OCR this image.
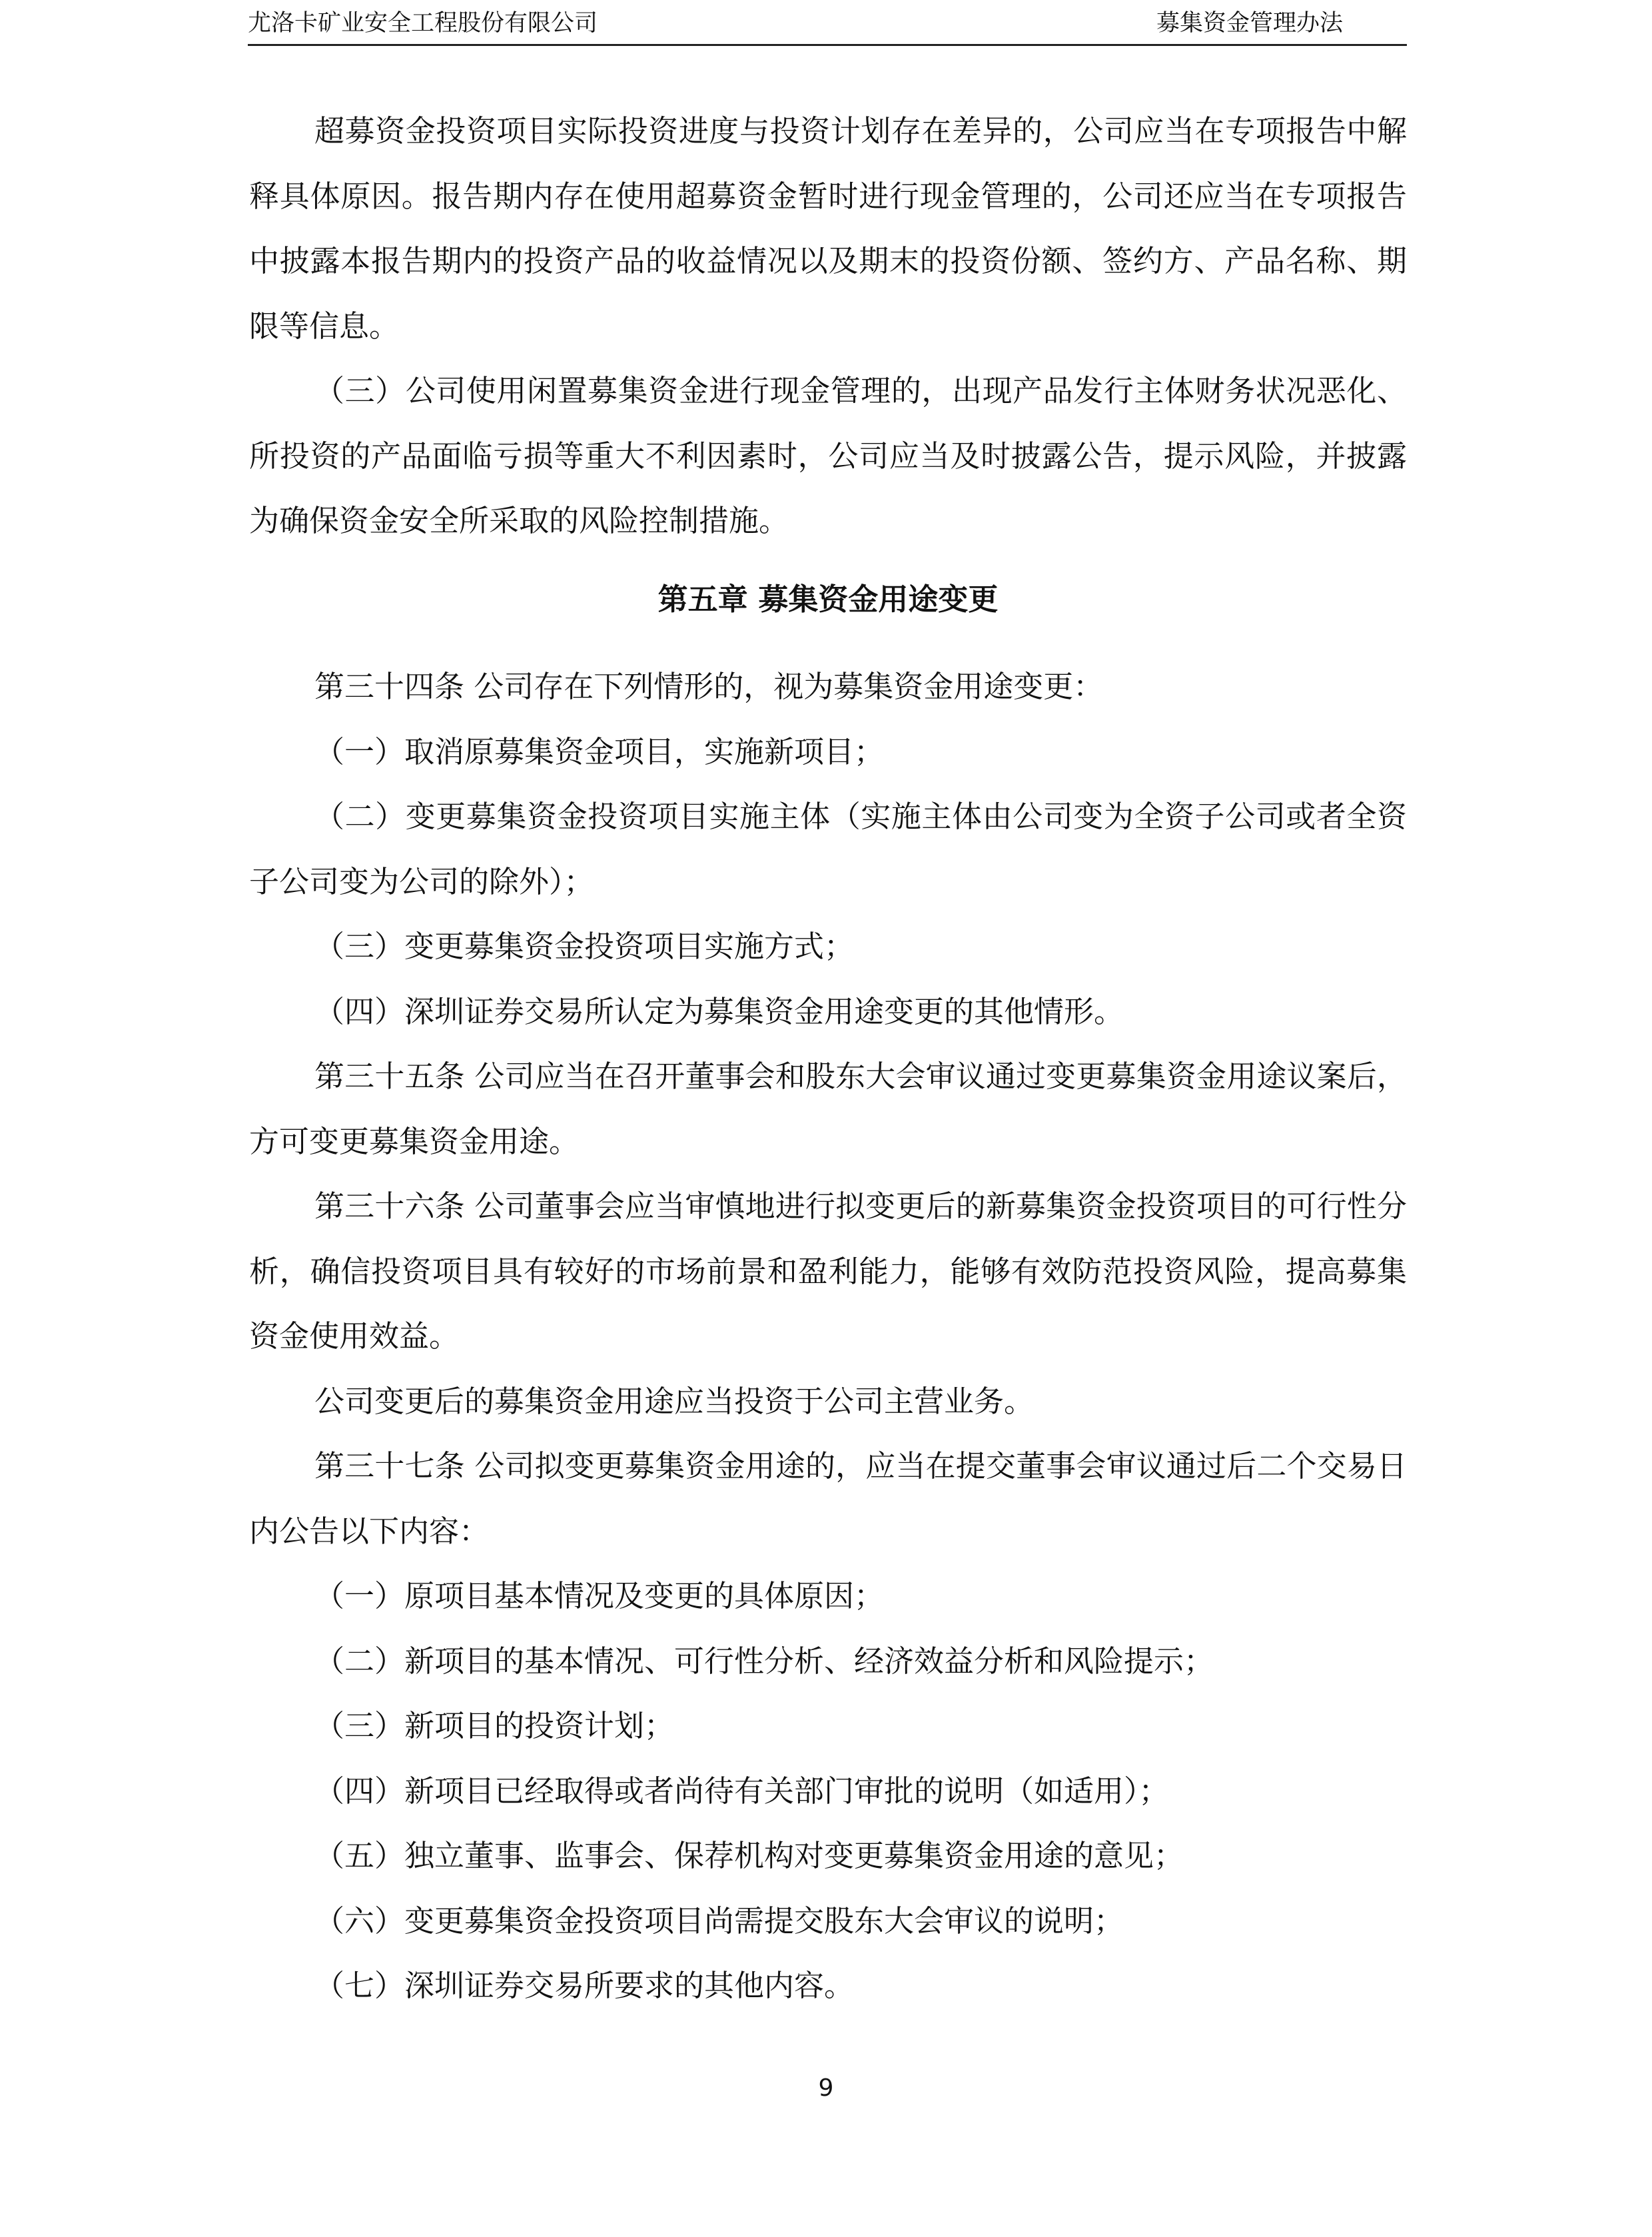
尤洛卡矿业安全工程股份有限公司	募集资金管理办法

超募资金投资项目实际投资进度与投资计划存在差异的，公司应当在专项报告中解释具体原因。报告期内存在使用超募资金暂时进行现金管理的，公司还应当在专项报告中披露本报告期内的投资产品的收益情况以及期末的投资份额、签约方、产品名称、期限等信息。

（三）公司使用闲置募集资金进行现金管理的，出现产品发行主体财务状况恶化、所投资的产品面临亏损等重大不利因素时，公司应当及时披露公告，提示风险，并披露为确保资金安全所采取的风险控制措施。

第五章 募集资金用途变更

第三十四条 公司存在下列情形的，视为募集资金用途变更：

（一）取消原募集资金项目，实施新项目；

（二）变更募集资金投资项目实施主体（实施主体由公司变为全资子公司或者全资子公司变为公司的除外）；

（三）变更募集资金投资项目实施方式；

（四）深圳证券交易所认定为募集资金用途变更的其他情形。

第三十五条 公司应当在召开董事会和股东大会审议通过变更募集资金用途议案后，方可变更募集资金用途。

第三十六条 公司董事会应当审慎地进行拟变更后的新募集资金投资项目的可行性分析，确信投资项目具有较好的市场前景和盈利能力，能够有效防范投资风险，提高募集资金使用效益。

公司变更后的募集资金用途应当投资于公司主营业务。

第三十七条 公司拟变更募集资金用途的，应当在提交董事会审议通过后二个交易日内公告以下内容：

（一）原项目基本情况及变更的具体原因；

（二）新项目的基本情况、可行性分析、经济效益分析和风险提示；

（三）新项目的投资计划；

（四）新项目已经取得或者尚待有关部门审批的说明（如适用）；

（五）独立董事、监事会、保荐机构对变更募集资金用途的意见；

（六）变更募集资金投资项目尚需提交股东大会审议的说明；

（七）深圳证券交易所要求的其他内容。

9
